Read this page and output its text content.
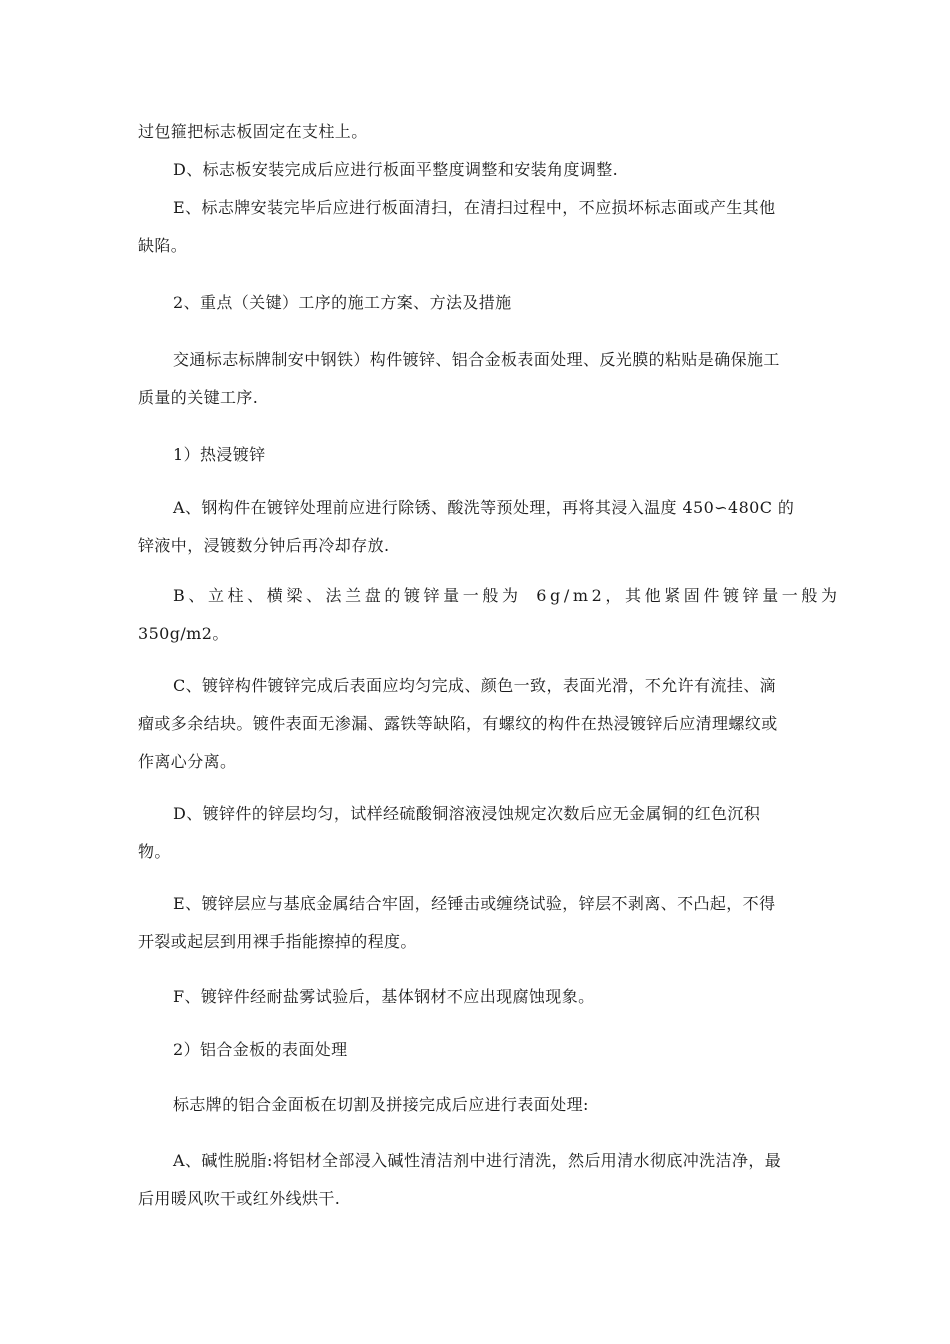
过包箍把标志板固定在支柱上。

D、标志板安装完成后应进行板面平整度调整和安装角度调整.

E、标志牌安装完毕后应进行板面清扫，在清扫过程中，不应损坏标志面或产生其他
缺陷。

2、重点（关键）工序的施工方案、方法及措施

交通标志标牌制安中钢铁）构件镀锌、铝合金板表面处理、反光膜的粘贴是确保施工
质量的关键工序.

1）热浸镀锌

A、钢构件在镀锌处理前应进行除锈、酸洗等预处理，再将其浸入温度 450∽480C 的
锌液中，浸镀数分钟后再冷却存放.

B、立柱、横梁、法兰盘的镀锌量一般为 6g/m2，其他紧固件镀锌量一般为
350g/m2。

C、镀锌构件镀锌完成后表面应均匀完成、颜色一致，表面光滑，不允许有流挂、滴
瘤或多余结块。镀件表面无渗漏、露铁等缺陷，有螺纹的构件在热浸镀锌后应清理螺纹或
作离心分离。

D、镀锌件的锌层均匀，试样经硫酸铜溶液浸蚀规定次数后应无金属铜的红色沉积
物。

E、镀锌层应与基底金属结合牢固，经锤击或缠绕试验，锌层不剥离、不凸起，不得
开裂或起层到用裸手指能擦掉的程度。

F、镀锌件经耐盐雾试验后，基体钢材不应出现腐蚀现象。

2）铝合金板的表面处理

标志牌的铝合金面板在切割及拼接完成后应进行表面处理:

A、碱性脱脂:将铝材全部浸入碱性清洁剂中进行清洗，然后用清水彻底冲洗洁净，最
后用暖风吹干或红外线烘干.
